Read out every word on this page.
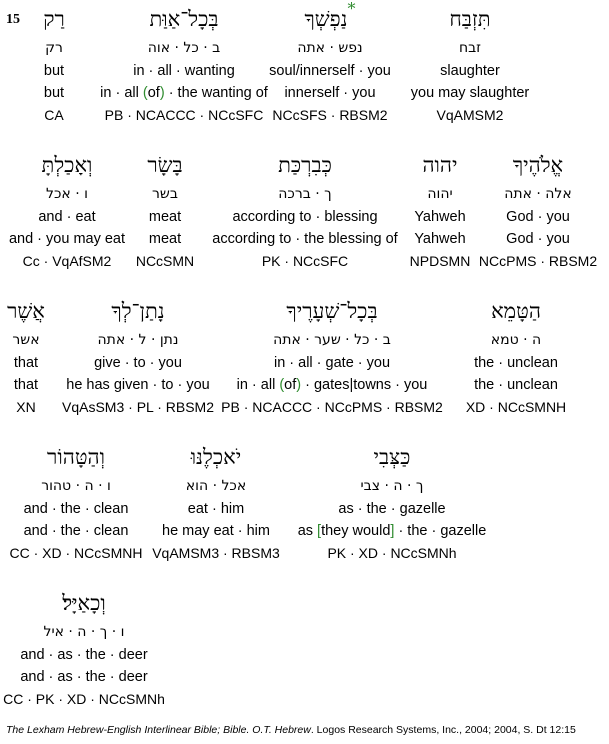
15	תִּזְבַּח
זבח
slaughter
you may slaughter
VqAMSM2
נַפְשְׁךָ*
נפש · אתה
soul/innerself · you
innerself · you
NCcSFS · RBSM2
בְּכָל־אַוַּת
ב · כל · אוה
in · all · wanting
in · all (of) · the wanting of
PB · NCACCC · NCcSFC
רַק
רק
but
but
CA
אֱלֹהֶיךָ
אלה · אתה
God · you
God · you
NCcPMS · RBSM2
יהוה
יהוה
Yahweh
Yahweh
NPDSMN
כְּבִרְכַּת
ך · ברכה
according to · blessing
according to · the blessing of
PK · NCcSFC
בָּשָׂר
בשר
meat
meat
NCcSMN
וְאָכַלְתָּ
ו · אכל
and · eat
and · you may eat
Cc · VqAfSM2
הַטָּמֵא
ה · טמא
the · unclean
the · unclean
XD · NCcSMNH
בְּכָל־שְׁעָרֶיךָ
ב · כל · שער · אתה
in · all · gate · you
in · all (of) · gates|towns · you
PB · NCACCC · NCcPMS · RBSM2
נָתַן־לְךָ
נתן · ל · אתה
give · to · you
he has given · to · you
VqAsSM3 · PL · RBSM2
אֲשֶׁר
אשר
that
that
XN
כַּצְּבִי
ך · ה · צבי
as · the · gazelle
as [they would] · the · gazelle
PK · XD · NCcSMNh
יֹאכְלֶנּוּ
אכל · הוא
eat · him
he may eat · him
VqAMSM3 · RBSM3
וְהַטָּהוֹר
ו · ה · טהור
and · the · clean
and · the · clean
CC · XD · NCcSMNH
וְכָאַיָּל׃
ו · ך · ה · איל
and · as · the · deer
and · as · the · deer
CC · PK · XD · NCcSMNh
The Lexham Hebrew-English Interlinear Bible; Bible. O.T. Hebrew. Logos Research Systems, Inc., 2004; 2004, S. Dt 12:15
